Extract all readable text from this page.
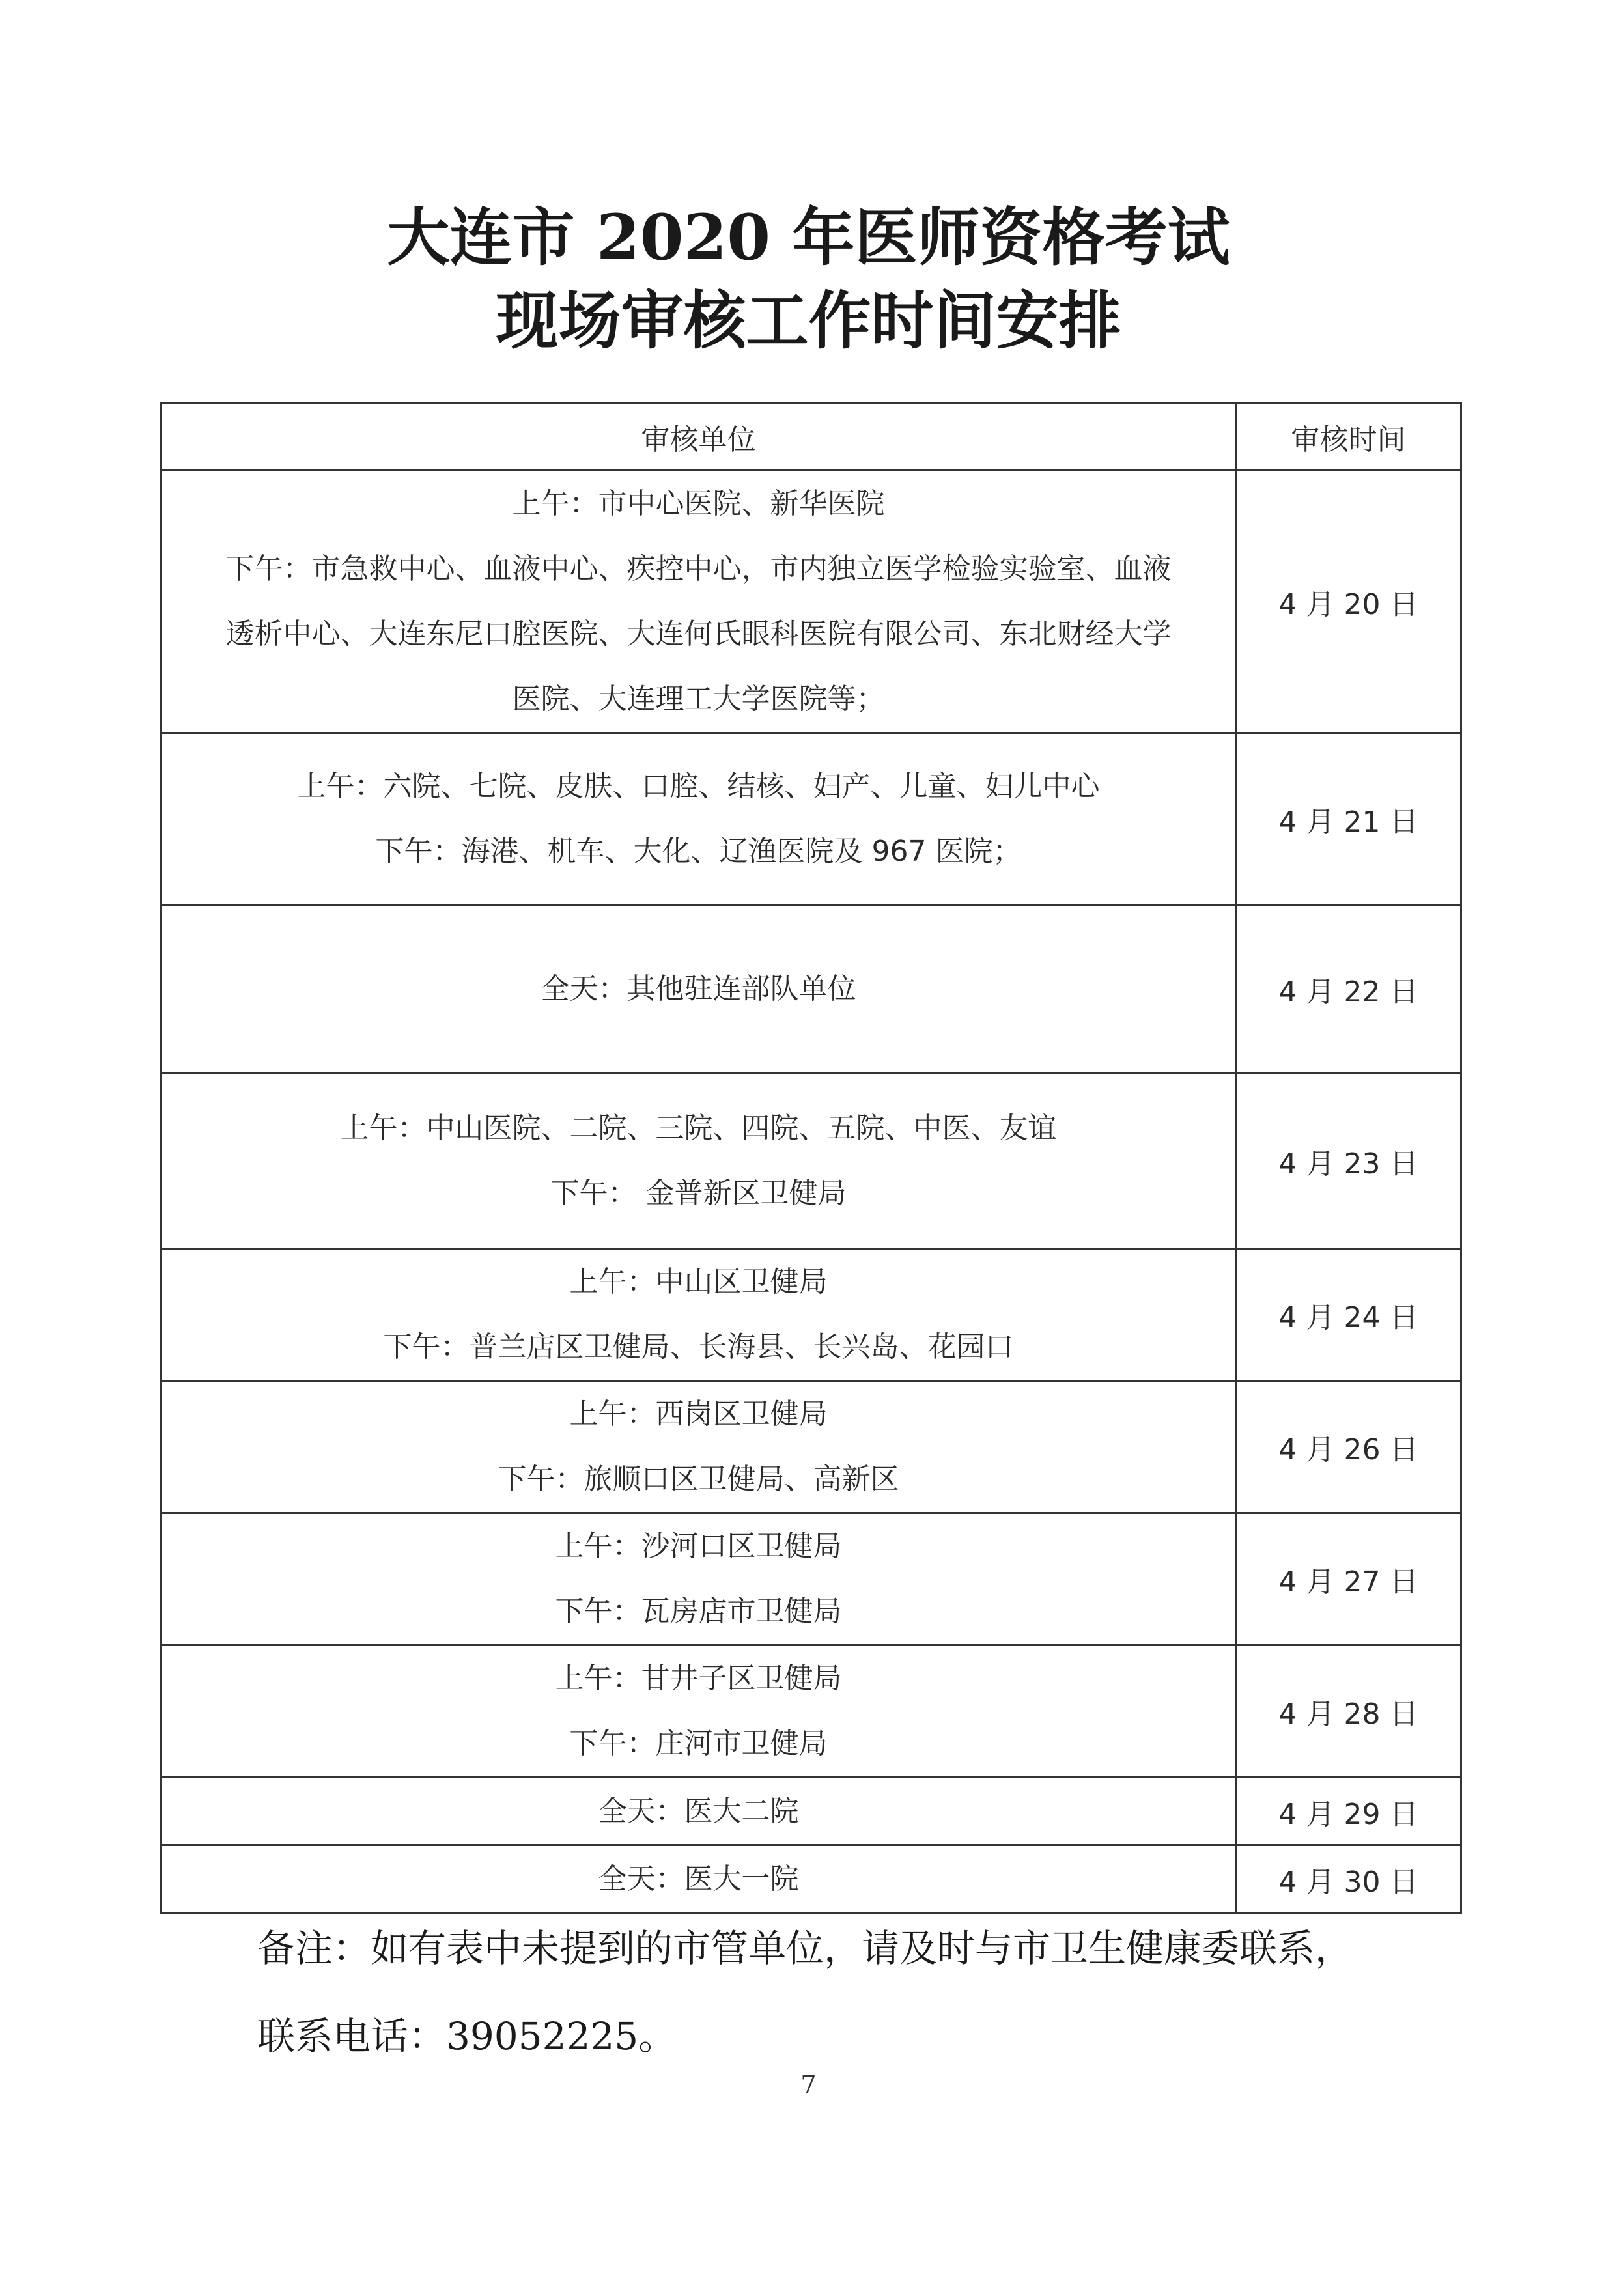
大连市 2020 年医师资格考试
现场审核工作时间安排
审核单位	审核时间

上午：市中心医院、新华医院
下午：市急救中心、血液中心、疾控中心，市内独立医学检验实验室、血液
透析中心、大连东尼口腔医院、大连何氏眼科医院有限公司、东北财经大学
医院、大连理工大学医院等；	4 月 20 日

上午：六院、七院、皮肤、口腔、结核、妇产、儿童、妇儿中心
下午：海港、机车、大化、辽渔医院及 967 医院；	4 月 21 日

全天：其他驻连部队单位	4 月 22 日

上午：中山医院、二院、三院、四院、五院、中医、友谊
下午： 金普新区卫健局	4 月 23 日

上午：中山区卫健局
下午：普兰店区卫健局、长海县、长兴岛、花园口	4 月 24 日

上午：西岗区卫健局
下午：旅顺口区卫健局、高新区	4 月 26 日

上午：沙河口区卫健局
下午：瓦房店市卫健局	4 月 27 日

上午：甘井子区卫健局
下午：庄河市卫健局	4 月 28 日

全天：医大二院	4 月 29 日

全天：医大一院	4 月 30 日
备注：如有表中未提到的市管单位，请及时与市卫生健康委联系，
联系电话：39052225。
7
